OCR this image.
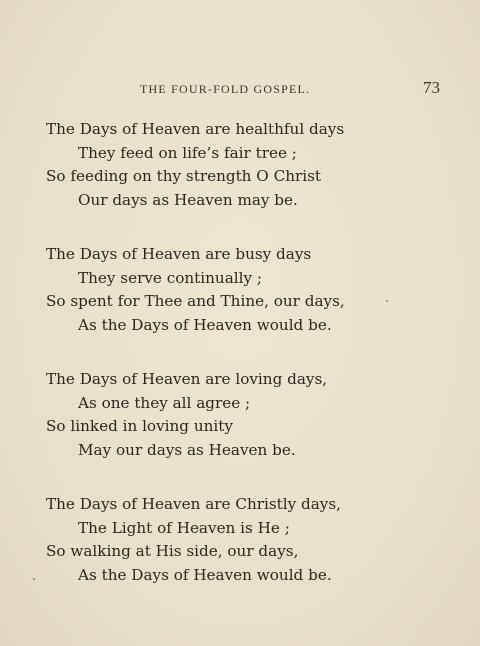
THE FOUR-FOLD GOSPEL.	73
The Days of Heaven are healthful days
They feed on life’s fair tree ;
So feeding on thy strength O Christ
Our days as Heaven may be.
The Days of Heaven are busy days
They serve continually ;
So spent for Thee and Thine, our days,
As the Days of Heaven would be.
The Days of Heaven are loving days,
As one they all agree ;
So linked in loving unity
May our days as Heaven be.
The Days of Heaven are Christly days,
The Light of Heaven is He ;
So walking at His side, our days,
As the Days of Heaven would be.
